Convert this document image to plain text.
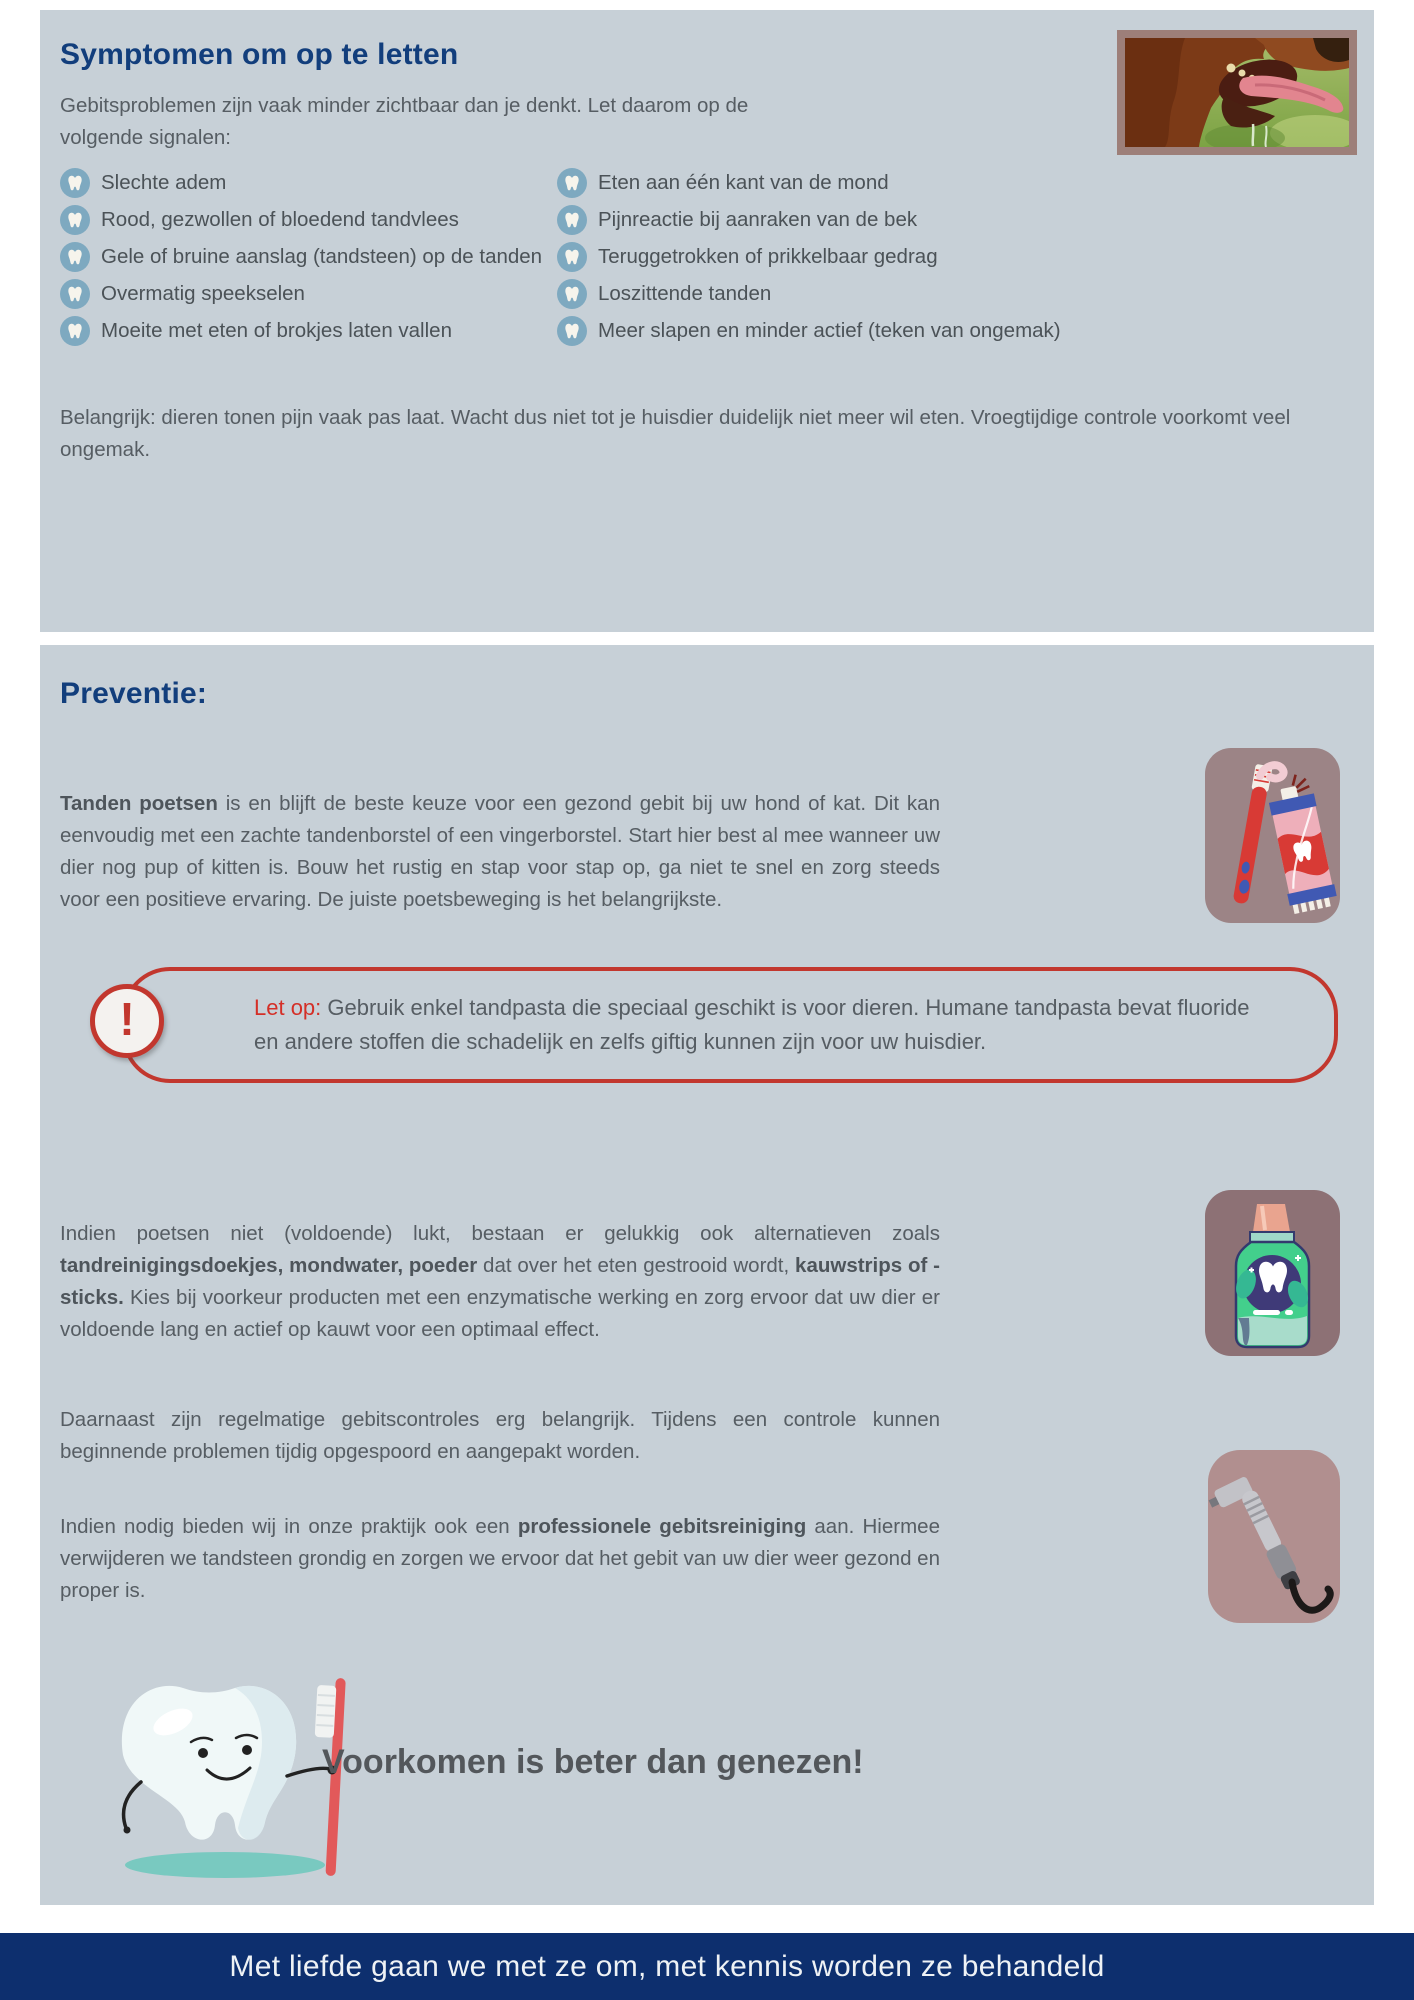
Symptomen om op te letten
Gebitsproblemen zijn vaak minder zichtbaar dan je denkt. Let daarom op de volgende signalen:
Slechte adem
Rood, gezwollen of bloedend tandvlees
Gele of bruine aanslag (tandsteen) op de tanden
Overmatig speekselen
Moeite met eten of brokjes laten vallen
Eten aan één kant van de mond
Pijnreactie bij aanraken van de bek
Teruggetrokken of prikkelbaar gedrag
Loszittende tanden
Meer slapen en minder actief (teken van ongemak)
Belangrijk: dieren tonen pijn vaak pas laat. Wacht dus niet tot je huisdier duidelijk niet meer wil eten. Vroegtijdige controle voorkomt veel ongemak.
Preventie:

Tanden poetsen is en blijft de beste keuze voor een gezond gebit bij uw hond of kat. Dit kan eenvoudig met een zachte tandenborstel of een vingerborstel. Start hier best al mee wanneer uw dier nog pup of kitten is. Bouw het rustig en stap voor stap op, ga niet te snel en zorg steeds voor een positieve ervaring. De juiste poetsbeweging is het belangrijkste.

!	Let op: Gebruik enkel tandpasta die speciaal geschikt is voor dieren. Humane tandpasta bevat fluoride en andere stoffen die schadelijk en zelfs giftig kunnen zijn voor uw huisdier.

Indien poetsen niet (voldoende) lukt, bestaan er gelukkig ook alternatieven zoals tandreinigingsdoekjes, mondwater, poeder dat over het eten gestrooid wordt, kauwstrips of -sticks. Kies bij voorkeur producten met een enzymatische werking en zorg ervoor dat uw dier er voldoende lang en actief op kauwt voor een optimaal effect.

Daarnaast zijn regelmatige gebitscontroles erg belangrijk. Tijdens een controle kunnen beginnende problemen tijdig opgespoord en aangepakt worden.

Indien nodig bieden wij in onze praktijk ook een professionele gebitsreiniging aan. Hiermee verwijderen we tandsteen grondig en zorgen we ervoor dat het gebit van uw dier weer gezond en proper is.

Voorkomen is beter dan genezen!
Met liefde gaan we met ze om, met kennis worden ze behandeld
